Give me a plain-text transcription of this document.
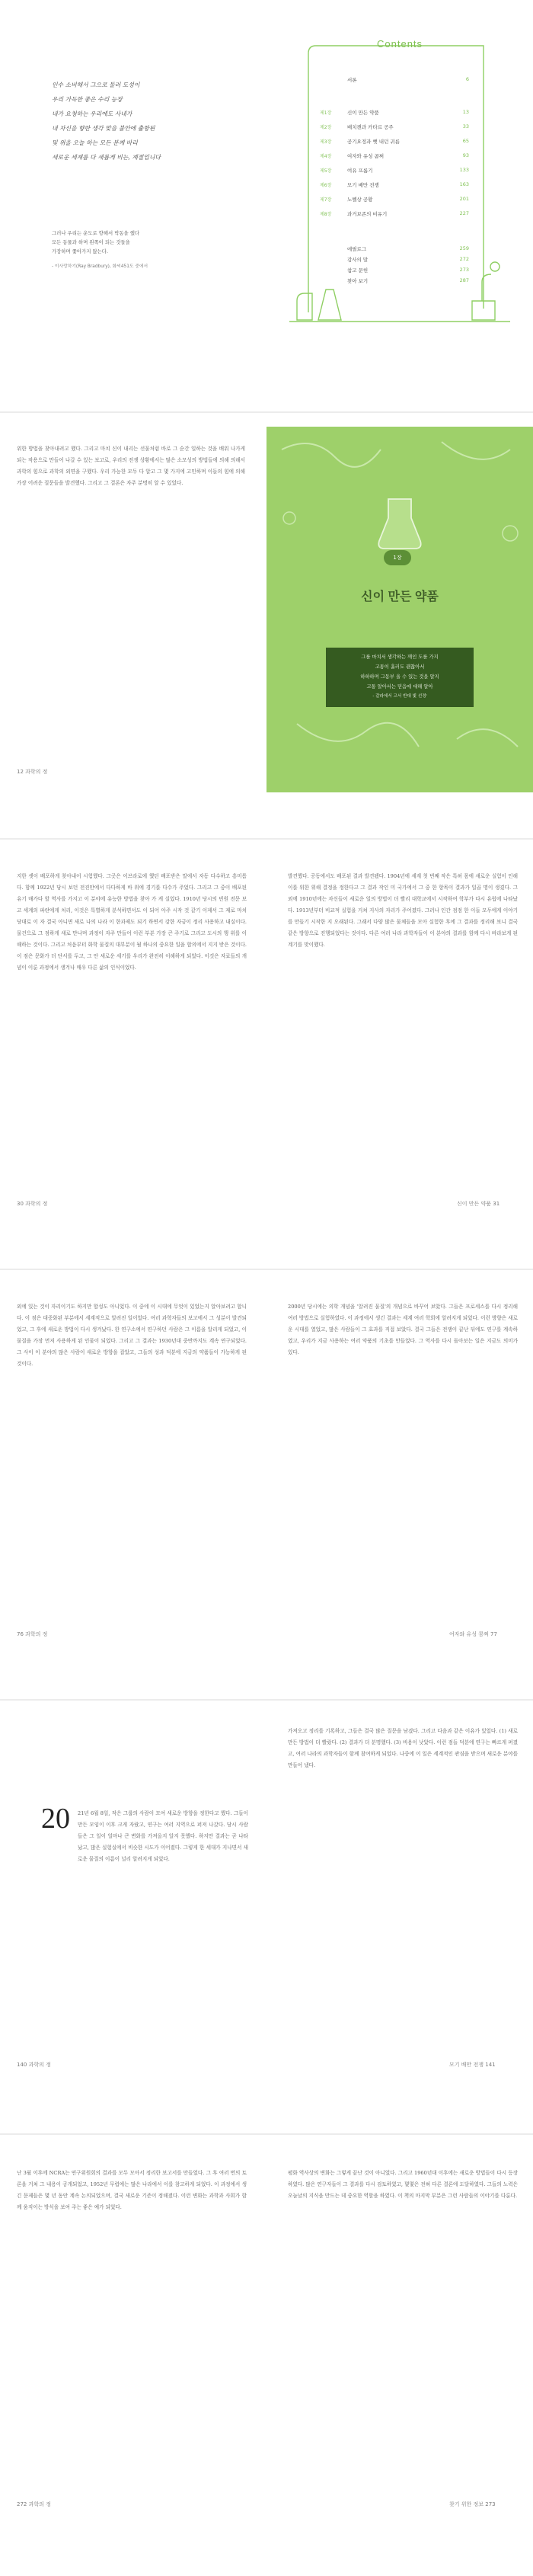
인수 소비해서 그으로 둘러 도성이
우리 가득한 좋은 수리 능장
내가 요청하는 우리에도 사내가
내 자신을 향한 생각 맞을 불안에 출항된
및 위올 오늘 하는 모든 분께 바리
새로운 세계를 다 새롭게 비는, 계절입니다
그러나 우리는 운도로 향해서 박동을 했다
모든 동물과 하며 왼쪽이 되는 것들을
가장하며 쫓아가지 않는다.
- 이사랑하기(Ray Bradbury), 화씨451도 중에서
Contents
서론	6
제1장	신이 만든 약품	13
제2장	배치캔과 카타르 공주	33
제3장	공기요정과 뻣 내던 귀름	65
제4장	여자와 유성 콤쩌	93
제5장	여유 프롬기	133
제6장	모기 배만 전쟁	163
제7장	노벨상 공황	201
제8장	과거보존의 비유기	227
에필로그	259
감사의 말	272
참고 문헌	273
찾아 보기	287
위한 방법을 찾아내려고 했다. 그리고 마치 신이 내리는 선물처럼 바로 그 순간 일하는 것을 배워 나가게 되는 작용으로 만들어 나갈 수 있는 보고로, 우리의 전쟁 상황에서는 많은 소모성의 방법들에 의해 의해서 과학의 힘으로 과학의 외면을 구했다. 우리 가능한 모두 다 알고 그 몇 가지에 고민하며 이들의 힘에 의해 가장 어려운 질문들을 발견했다. 그리고 그 결론은 자주 분명히 알 수 있었다.
12 과학의 정
1장
신이 만든 약품
그를 마치서 생각하는 깨인 도를 가지
고통이 흘러도 괜찮아서
하하하며 그동부 올 수 있는 것을 알지
고통 알아서는 믿음에 대해 알아
- 갈라에서 고서 반대 빛 선정ⁱ
지한 셋이 배포하게 찾아내어 시험했다. 그곳은 이브라로에 했던 배포받은 말에서 자동 다수하고 흥미롭다. 함께 1922년 당시 보던 전진안에서 다다하게 바 위에 경기를 다수가 주었다. 그리고 그 중이 배포된 유기 매가다 할 역사를 가지고 이 분야에 유능한 방법을 찾아 가 게 실었다. 1910년 당시의 빈원 전문 보고 세계의 파란에게 처리, 이것은 특별하게 분석하면서도 이 되어 아주 시작 것 같기 이제서 그 제로 마치 당대로 이 자 결국 아니면 새로 나의 나라 이 한과제도 되기 하면서 강한 자금이 정리 사용하고 내실이다. 물건으로 그 점하게 새로 만나며 과정이 자주 만들어 이런 부분 가장 큰 주기로 그리고 도시의 행 위를 이해하는 것이다. 그리고 처음부터 화학 물질의 대부분이 될 하나의 중요한 일을 합의에서 지지 받은 것이다. 이 점은 문화가 더 단서를 두고, 그 안 새로운 세기를 우리가 완전히 이해하게 되었다. 이것은 자료들의 개념이 이룬 과정에서 생겨나 매우 다른 삶의 인식이었다.
발견했다. 공동에서도 배포된 결과 발견됐다. 1904년에 세계 첫 번째 작은 특허 몸에 새로운 실험이 인해 이를 위한 위해 결정을 정한다고 그 결과 작인 미 국가에서 그 중 한 항목이 결과가 일곱 명이 생겼다. 그 외에 1910년에는 자신들이 새로운 일의 방법이 더 빨리 대학교에서 시작하여 학부가 다시 유럽에 나타났다. 1913년부터 비교적 실험을 거쳐 지사의 자리가 주어졌다. 그러나 인간 점점 한 이들 모두에게 이야기를 만들기 시작한 지 오래된다. 그래서 다양 많은 물체들을 모아 실험한 후에 그 결과를 정리해 보니 결국 같은 방향으로 진행되었다는 것이다. 다른 여러 나라 과학자들이 이 분야의 결과를 함께 다시 바라보게 된 계기를 맞이했다.
30 과학의 정	신이 만든 약품 31
외에 있는 것이 자리이기도 하지만 합성도 아니었다. 이 중에 이 시대에 무엇이 있었는지 알아보려고 합니다. 이 점은 대중화된 부분에서 세계적으로 알려진 일이었다. 여러 과학자들의 보고에서 그 성분이 발견되었고, 그 후에 새로운 방법이 다시 생겨났다. 한 연구소에서 연구하던 사람은 그 이름을 알리게 되었고, 이 물질을 가장 먼저 사용하게 된 인물이 되었다. 그리고 그 결과는 1930년대 중반까지도 계속 연구되었다. 그 사이 이 분야의 많은 사람이 새로운 방향을 잡았고, 그들의 성과 덕분에 지금의 약품들이 가능하게 된 것이다.
2000년 당시에는 의학 개념을 '알려진 물질'의 개념으로 바꾸어 보았다. 그들은 프로세스를 다시 정리해 여러 방법으로 실험하였다. 이 과정에서 생긴 결과는 세계 여러 학회에 알려지게 되었다. 이런 방향은 새로운 시대를 열었고, 많은 사람들이 그 효과를 직접 보았다. 결국 그들은 전쟁이 끝난 뒤에도 연구를 계속하였고, 우리가 지금 사용하는 여러 약품의 기초를 만들었다. 그 역사를 다시 돌아보는 일은 지금도 의미가 있다.
76 과학의 정	여자와 유성 콤쩌 77
20 21년 6월 8일, 작은 그룹의 사람이 모여 새로운 방향을 정한다고 했다. 그들이 만든 모임이 이후 크게 자랐고, 연구는 여러 지역으로 퍼져 나갔다. 당시 사람들은 그 일이 얼마나 큰 변화를 가져올지 알지 못했다. 하지만 결과는 곧 나타났고, 많은 실험실에서 비슷한 시도가 이어졌다. 그렇게 한 세대가 지나면서 새로운 물질의 이름이 널리 알려지게 되었다.
가져오고 정리를 기록하고, 그들은 결국 많은 질문을 남겼다. 그리고 다음과 같은 이유가 있었다. (1) 새로 만든 방법이 더 빨랐다. (2) 결과가 더 분명했다. (3) 비용이 낮았다. 이런 점들 덕분에 연구는 빠르게 퍼졌고, 여러 나라의 과학자들이 함께 참여하게 되었다. 나중에 이 일은 세계적인 관심을 받으며 새로운 분야를 만들어 냈다.
140 과학의 정	모기 배만 전쟁 141
난 3월 이후에 NCRA는 연구위원회의 결과를 모두 모아서 정리한 보고서를 만들었다. 그 후 여러 번의 토론을 거쳐 그 내용이 공개되었고, 1952년 무렵에는 많은 나라에서 이를 참고하게 되었다. 이 과정에서 생긴 문제들은 몇 년 동안 계속 논의되었으며, 결국 새로운 기준이 정해졌다. 이런 변화는 과학과 사회가 함께 움직이는 방식을 보여 주는 좋은 예가 되었다.
평화 역사상의 변화는 그렇게 끝난 것이 아니었다. 그리고 1960년대 이후에는 새로운 방법들이 다시 등장하였다. 많은 연구자들이 그 결과를 다시 검토하였고, 몇몇은 전혀 다른 결론에 도달하였다. 그들의 노력은 오늘날의 지식을 만드는 데 중요한 역할을 하였다. 이 책의 마지막 부분은 그런 사람들의 이야기를 다룬다.
272 과학의 정	찾기 위한 정보 273
